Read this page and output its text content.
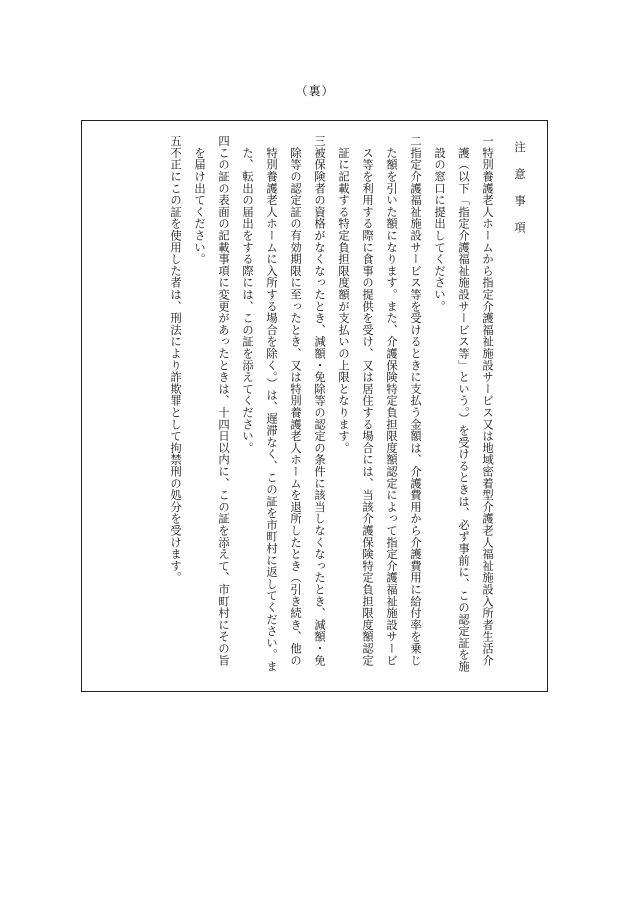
（裏）

注 意 事 項

一
特別養護老人ホームから指定介護福祉施設サービス又は地域密着型介護老人福祉施設入所者生活介護（以下「指定介護福祉施設サービス等」という。）を受けるときは、必ず事前に、この認定証を施設の窓口に提出してください。
二
指定介護福祉施設サービス等を受けるときに支払う金額は、介護費用から介護費用に給付率を乗じた額を引いた額になります。また、介護保険特定負担限度額認定によって指定介護福祉施設サービス等を利用する際に食事の提供を受け、又は居住する場合には、当該介護保険特定負担限度額認定証に記載する特定負担限度額が支払いの上限となります。
三
被保険者の資格がなくなったとき、減額・免除等の認定の条件に該当しなくなったとき、減額・免除等の認定証の有効期限に至ったとき、又は特別養護老人ホームを退所したとき（引き続き、他の特別養護老人ホームに入所する場合を除く。）は、遅滞なく、この証を市町村に返してください。また、転出の届出をする際には、この証を添えてください。
四
この証の表面の記載事項に変更があったときは、十四日以内に、この証を添えて、市町村にその旨を届け出てください。
五
不正にこの証を使用した者は、刑法により詐欺罪として拘禁刑の処分を受けます。
